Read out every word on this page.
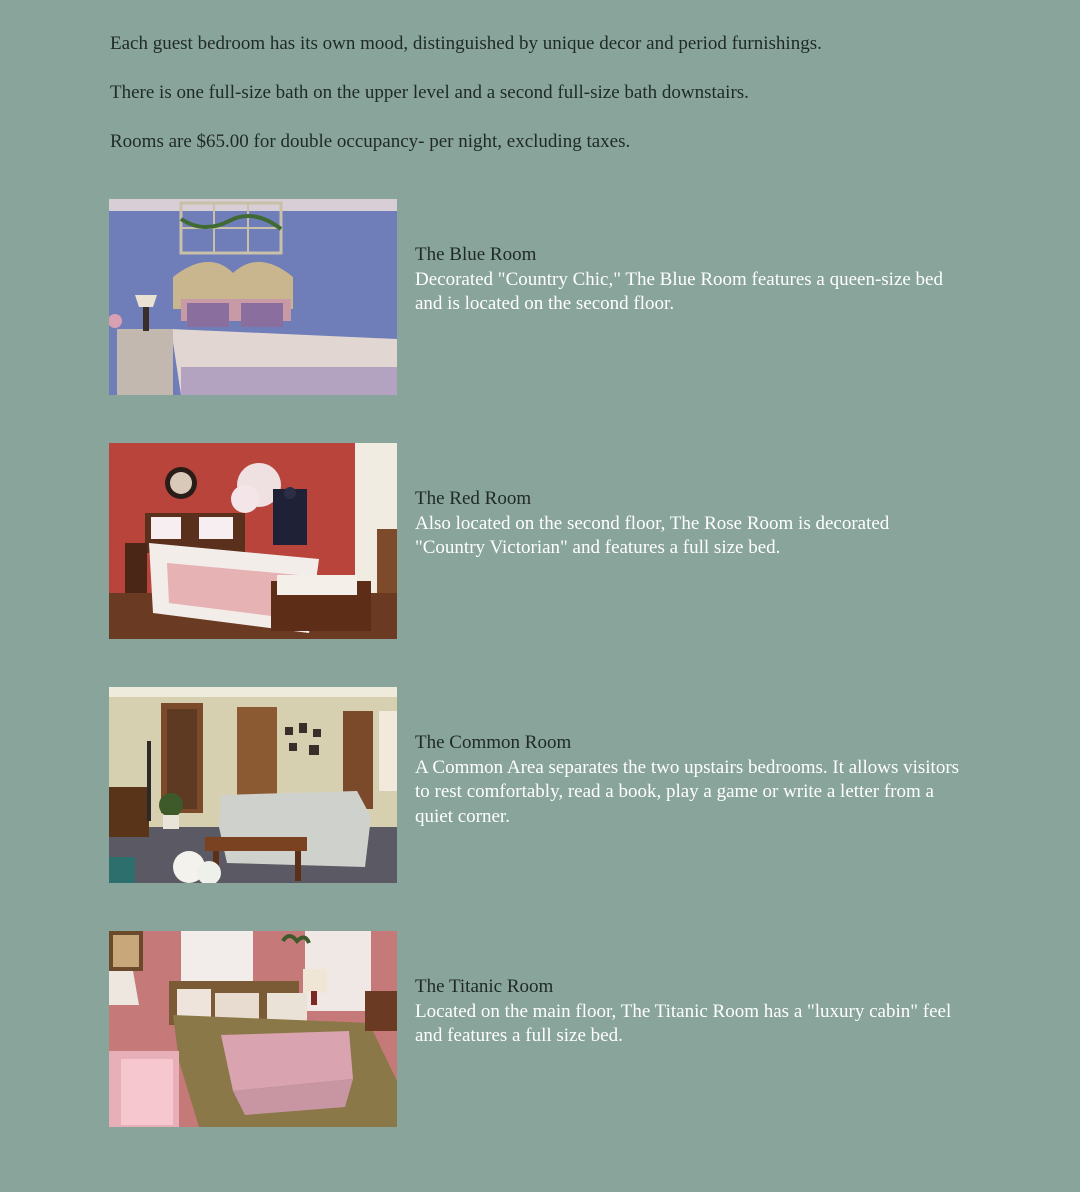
Each guest bedroom has its own mood, distinguished by unique decor and period furnishings.

There is one full-size bath on the upper level and a second full-size bath downstairs.

Rooms are $65.00 for double occupancy- per night, excluding taxes.

The Blue Room
Decorated "Country Chic," The Blue Room features a queen-size bed and is located on the second floor.
The Red Room
Also located on the second floor, The Rose Room is decorated "Country Victorian" and features a full size bed.
The Common Room
A Common Area separates the two upstairs bedrooms. It allows visitors to rest comfortably, read a book, play a game or write a letter from a quiet corner.
The Titanic Room
Located on the main floor, The Titanic Room has a "luxury cabin" feel and features a full size bed.
